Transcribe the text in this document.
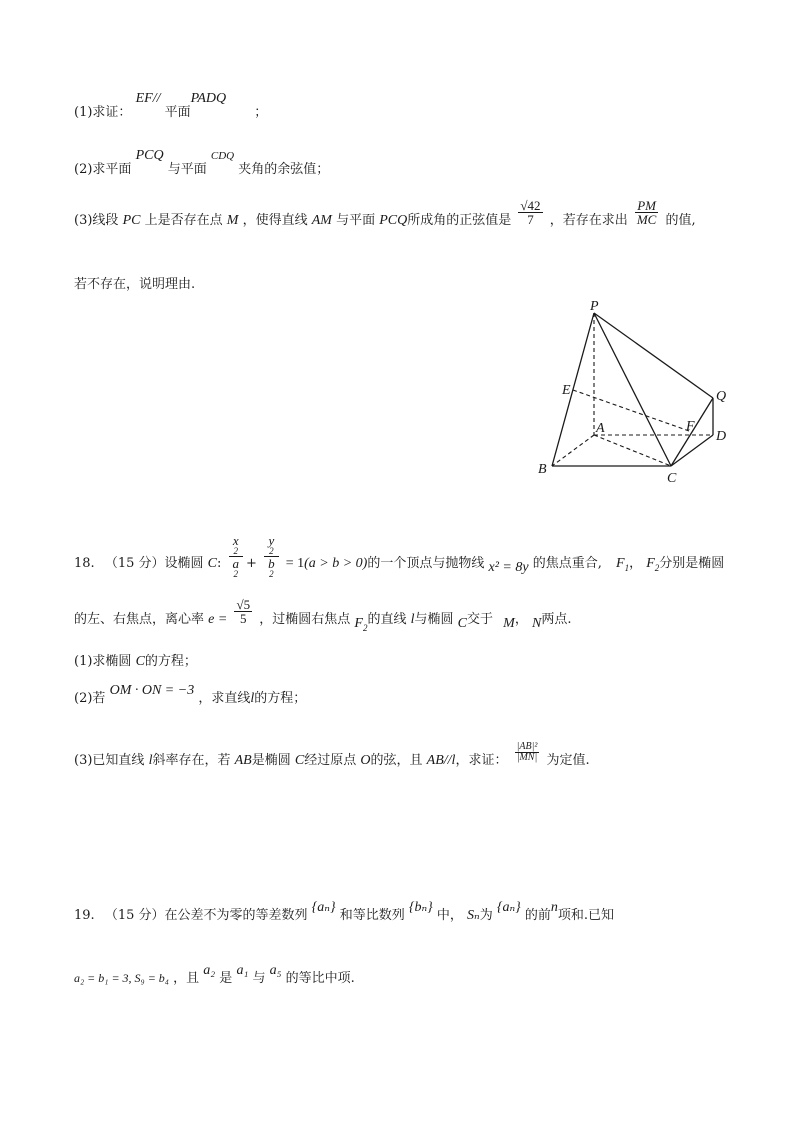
(1)求证： EF// 平面PADQ ；
(2)求平面 PCQ 与平面 $^{CDQ}$ 夹角的余弦值；
(3)线段 PC 上是否存在点 M ，使得直线 AM 与平面 PCQ所成角的正弦值是 $\frac{√42}{7}$ ，若存在求出 $\frac{PM}{MC}$ 的值,
若不存在，说明理由.
P
E	Q
A	F
D
B
C
18. （15 分）设椭圆 C: x
2
a
2 + y
2
b
2 = 1(a > b > 0)的一个顶点与抛物线 x² = 8y 的焦点重合, $F_1$， $F_2$分别是椭圆
的左、右焦点，离心率 $e = \frac{√5}{5}$ ，过椭圆右焦点 $F_2$的直线 l与椭圆 C交于 M， N两点.
(1)求椭圆 C的方程；
(2)若 OM · ON = −3 ，求直线l的方程；
(3)已知直线 l斜率存在，若 AB是椭圆 C经过原点 O的弦，且 AB//l，求证： $\frac{\text{|AB|²}}{|MN|}$ 为定值.
19. （15 分）在公差不为零的等差数列 {aₙ} 和等比数列 {bₙ} 中， Sₙ为 {aₙ} 的前n项和.已知
a₂ = b₁ = 3, S₉ = b₄ ，且 a₂ 是 a₁ 与 a₅ 的等比中项.
